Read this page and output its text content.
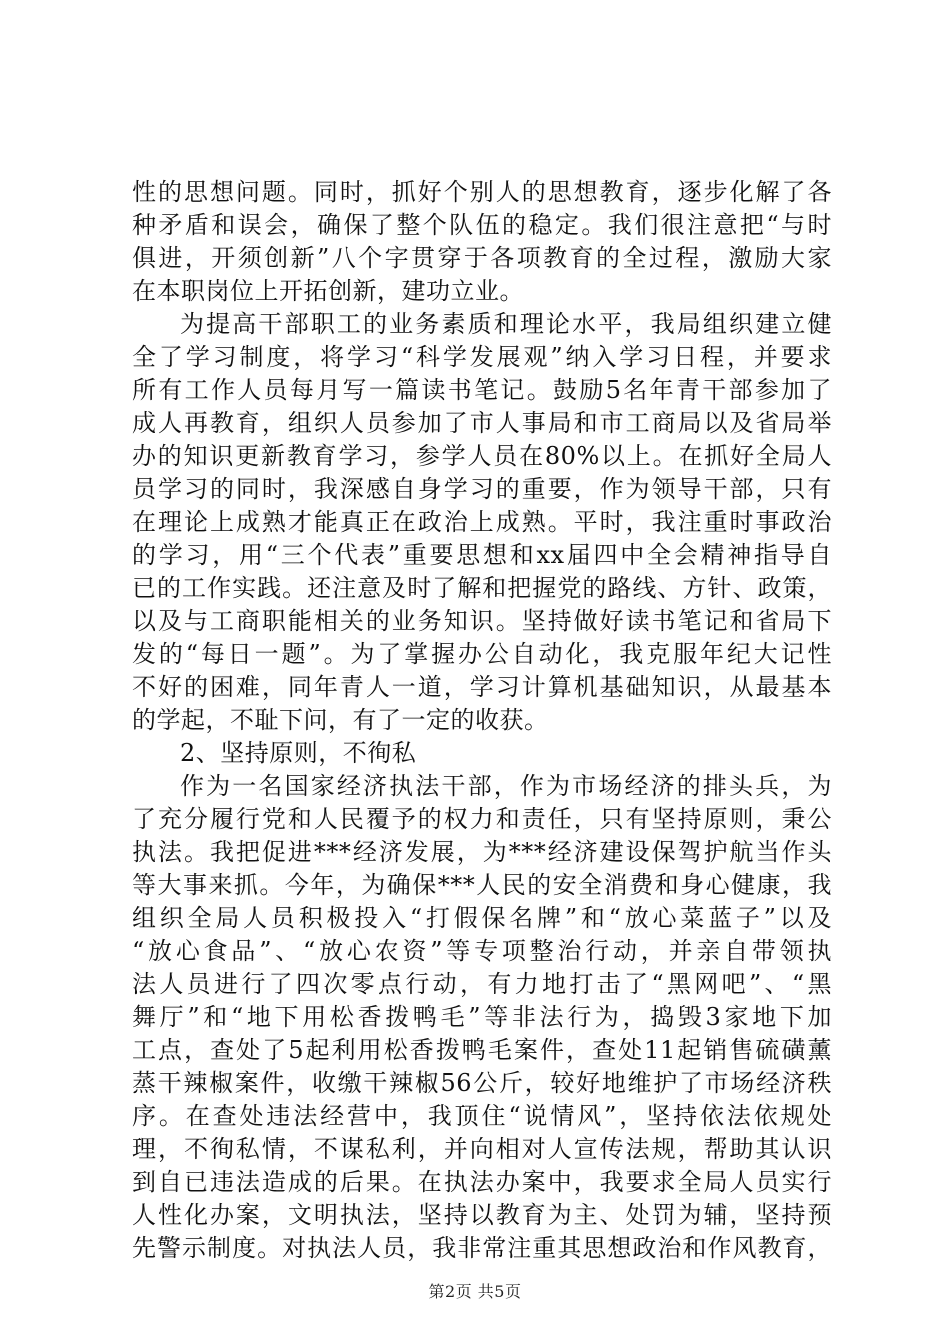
性的思想问题。同时，抓好个别人的思想教育，逐步化解了各
种矛盾和误会，确保了整个队伍的稳定。我们很注意把“与时
俱进，开须创新”八个字贯穿于各项教育的全过程，激励大家
在本职岗位上开拓创新，建功立业。
为提高干部职工的业务素质和理论水平，我局组织建立健
全了学习制度，将学习“科学发展观”纳入学习日程，并要求
所有工作人员每月写一篇读书笔记。鼓励5名年青干部参加了
成人再教育，组织人员参加了市人事局和市工商局以及省局举
办的知识更新教育学习，参学人员在80%以上。在抓好全局人
员学习的同时，我深感自身学习的重要，作为领导干部，只有
在理论上成熟才能真正在政治上成熟。平时，我注重时事政治
的学习，用“三个代表”重要思想和xx届四中全会精神指导自
已的工作实践。还注意及时了解和把握党的路线、方针、政策，
以及与工商职能相关的业务知识。坚持做好读书笔记和省局下
发的“每日一题”。为了掌握办公自动化，我克服年纪大记性
不好的困难，同年青人一道，学习计算机基础知识，从最基本
的学起，不耻下问，有了一定的收获。
2、坚持原则，不徇私
作为一名国家经济执法干部，作为市场经济的排头兵，为
了充分履行党和人民覆予的权力和责任，只有坚持原则，秉公
执法。我把促进***经济发展，为***经济建设保驾护航当作头
等大事来抓。今年，为确保***人民的安全消费和身心健康，我
组织全局人员积极投入“打假保名牌”和“放心菜蓝子”以及
“放心食品”、“放心农资”等专项整治行动，并亲自带领执
法人员进行了四次零点行动，有力地打击了“黑网吧”、“黑
舞厅”和“地下用松香拨鸭毛”等非法行为，捣毁3家地下加
工点，查处了5起利用松香拨鸭毛案件，查处11起销售硫磺薰
蒸干辣椒案件，收缴干辣椒56公斤，较好地维护了市场经济秩
序。在查处违法经营中，我顶住“说情风”，坚持依法依规处
理，不徇私情，不谋私利，并向相对人宣传法规，帮助其认识
到自已违法造成的后果。在执法办案中，我要求全局人员实行
人性化办案，文明执法，坚持以教育为主、处罚为辅，坚持预
先警示制度。对执法人员，我非常注重其思想政治和作风教育，
第2页 共5页
